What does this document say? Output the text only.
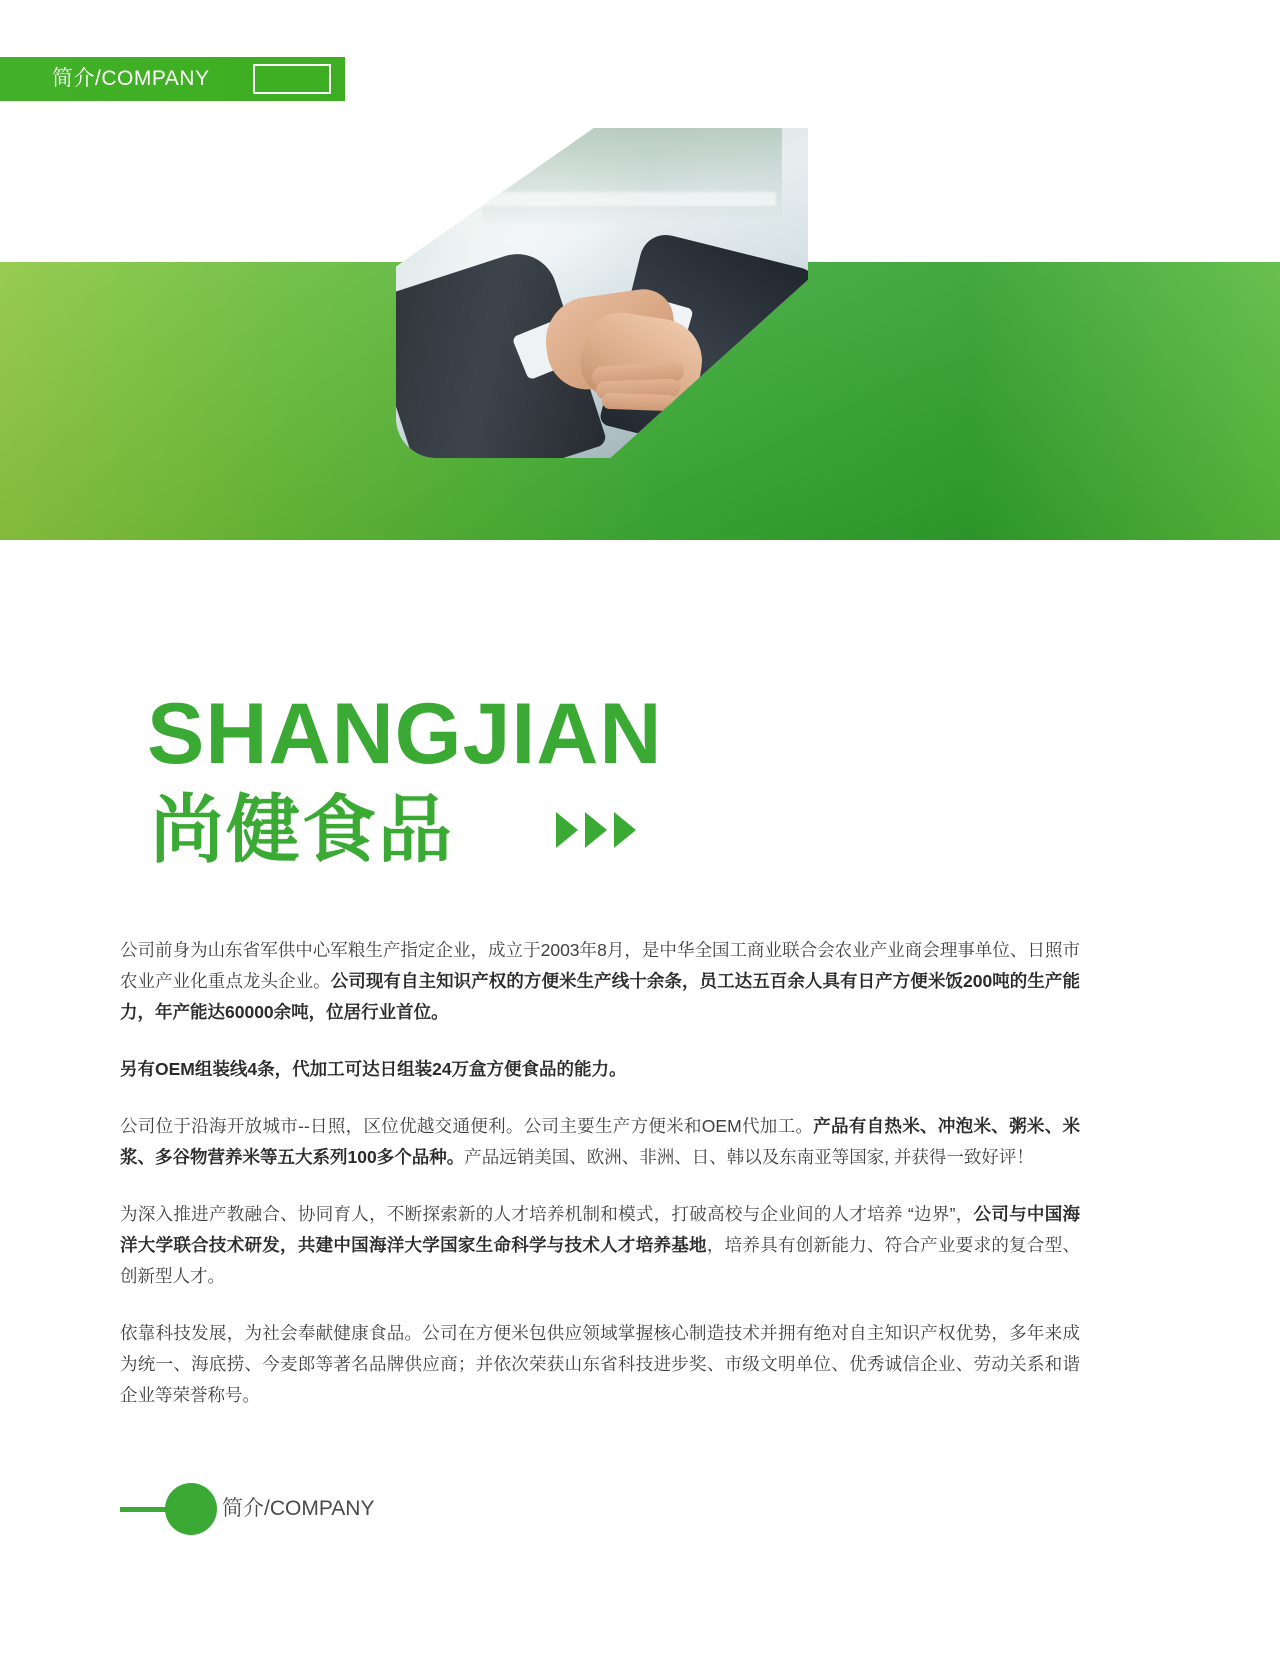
简介/COMPANY
SHANGJIAN
尚健食品

公司前身为山东省军供中心军粮生产指定企业，成立于2003年8月，是中华全国工商业联合会农业产业商会理事单位、日照市农业产业化重点龙头企业。公司现有自主知识产权的方便米生产线十余条，员工达五百余人具有日产方便米饭200吨的生产能力，年产能达60000余吨，位居行业首位。

另有OEM组装线4条，代加工可达日组装24万盒方便食品的能力。

公司位于沿海开放城市--日照，区位优越交通便利。公司主要生产方便米和OEM代加工。产品有自热米、冲泡米、粥米、米浆、多谷物营养米等五大系列100多个品种。产品远销美国、欧洲、非洲、日、韩以及东南亚等国家, 并获得一致好评！

为深入推进产教融合、协同育人，不断探索新的人才培养机制和模式，打破高校与企业间的人才培养 “边界”，公司与中国海洋大学联合技术研发，共建中国海洋大学国家生命科学与技术人才培养基地，培养具有创新能力、符合产业要求的复合型、创新型人才。

依靠科技发展，为社会奉献健康食品。公司在方便米包供应领域掌握核心制造技术并拥有绝对自主知识产权优势，多年来成为统一、海底捞、今麦郎等著名品牌供应商；并依次荣获山东省科技进步奖、市级文明单位、优秀诚信企业、劳动关系和谐企业等荣誉称号。

简介/COMPANY
